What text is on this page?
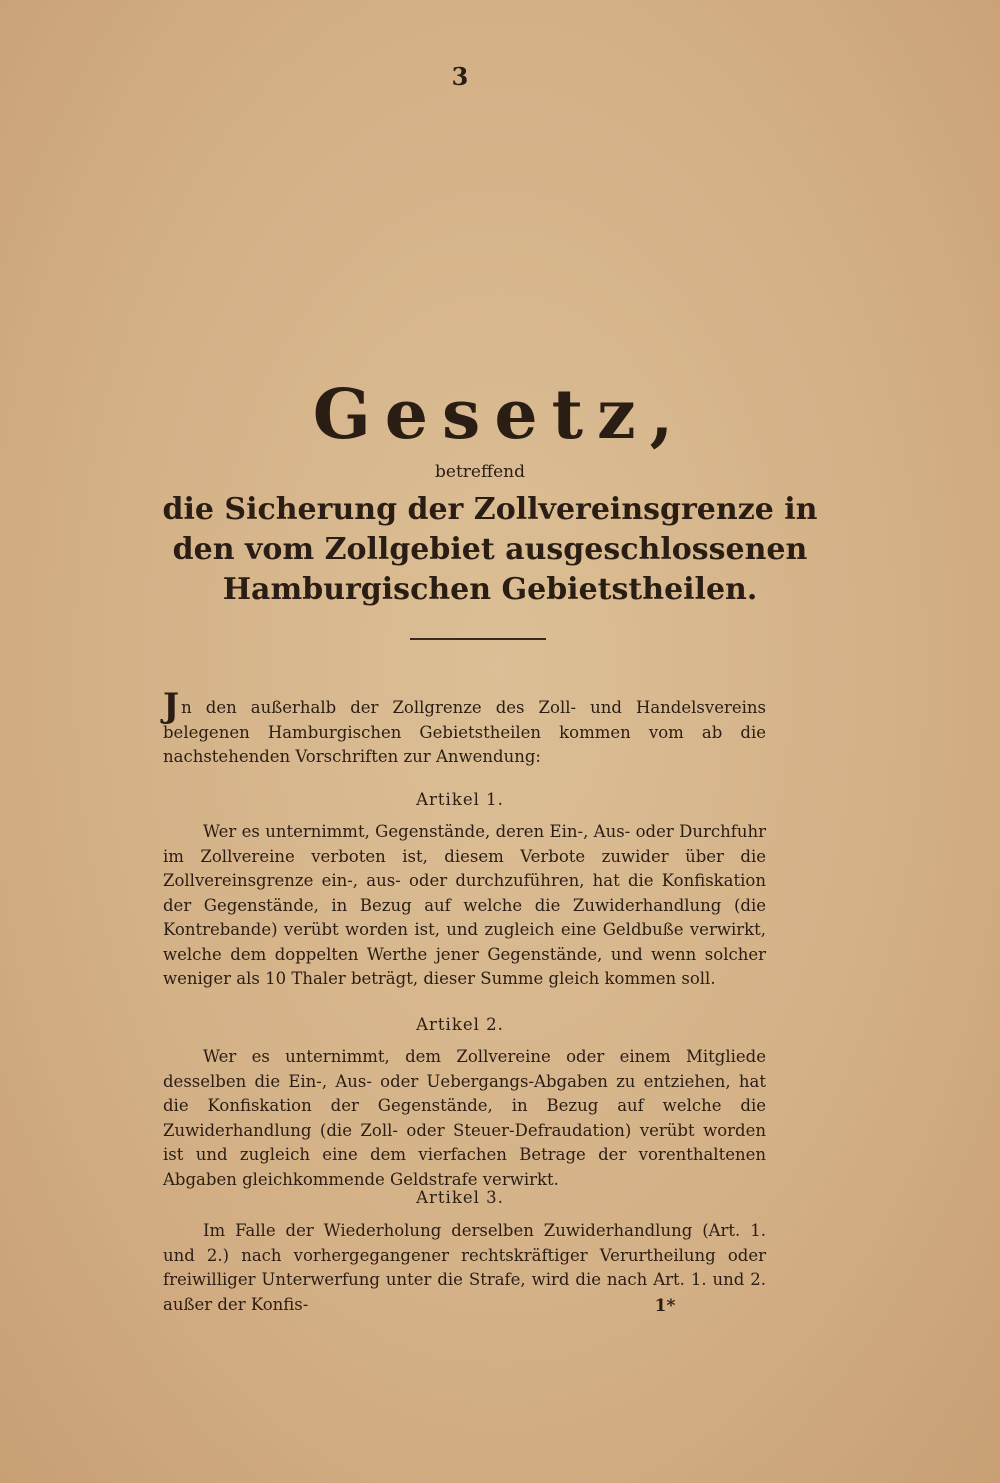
3
Gesetz,
betreffend
die Sicherung der Zollvereinsgrenze in den vom Zollgebiet ausgeschlossenen Hamburgischen Gebietstheilen.
Jn den außerhalb der Zollgrenze des Zoll- und Handelsvereins belegenen Hamburgischen Gebietstheilen kommen vom ab die nachstehenden Vorschriften zur Anwendung:
Artikel 1.
Wer es unternimmt, Gegenstände, deren Ein-, Aus- oder Durchfuhr im Zollvereine verboten ist, diesem Verbote zuwider über die Zollvereinsgrenze ein-, aus- oder durchzuführen, hat die Konfiskation der Gegenstände, in Bezug auf welche die Zuwiderhandlung (die Kontrebande) verübt worden ist, und zugleich eine Geldbuße verwirkt, welche dem doppelten Werthe jener Gegenstände, und wenn solcher weniger als 10 Thaler beträgt, dieser Summe gleich kommen soll.
Artikel 2.
Wer es unternimmt, dem Zollvereine oder einem Mitgliede desselben die Ein-, Aus- oder Uebergangs-Abgaben zu entziehen, hat die Konfiskation der Gegenstände, in Bezug auf welche die Zuwiderhandlung (die Zoll- oder Steuer-Defraudation) verübt worden ist und zugleich eine dem vierfachen Betrage der vorenthaltenen Abgaben gleichkommende Geldstrafe verwirkt.
Artikel 3.
Im Falle der Wiederholung derselben Zuwiderhandlung (Art. 1. und 2.) nach vorhergegangener rechtskräftiger Verurtheilung oder freiwilliger Unterwerfung unter die Strafe, wird die nach Art. 1. und 2. außer der Konfis-	1*
